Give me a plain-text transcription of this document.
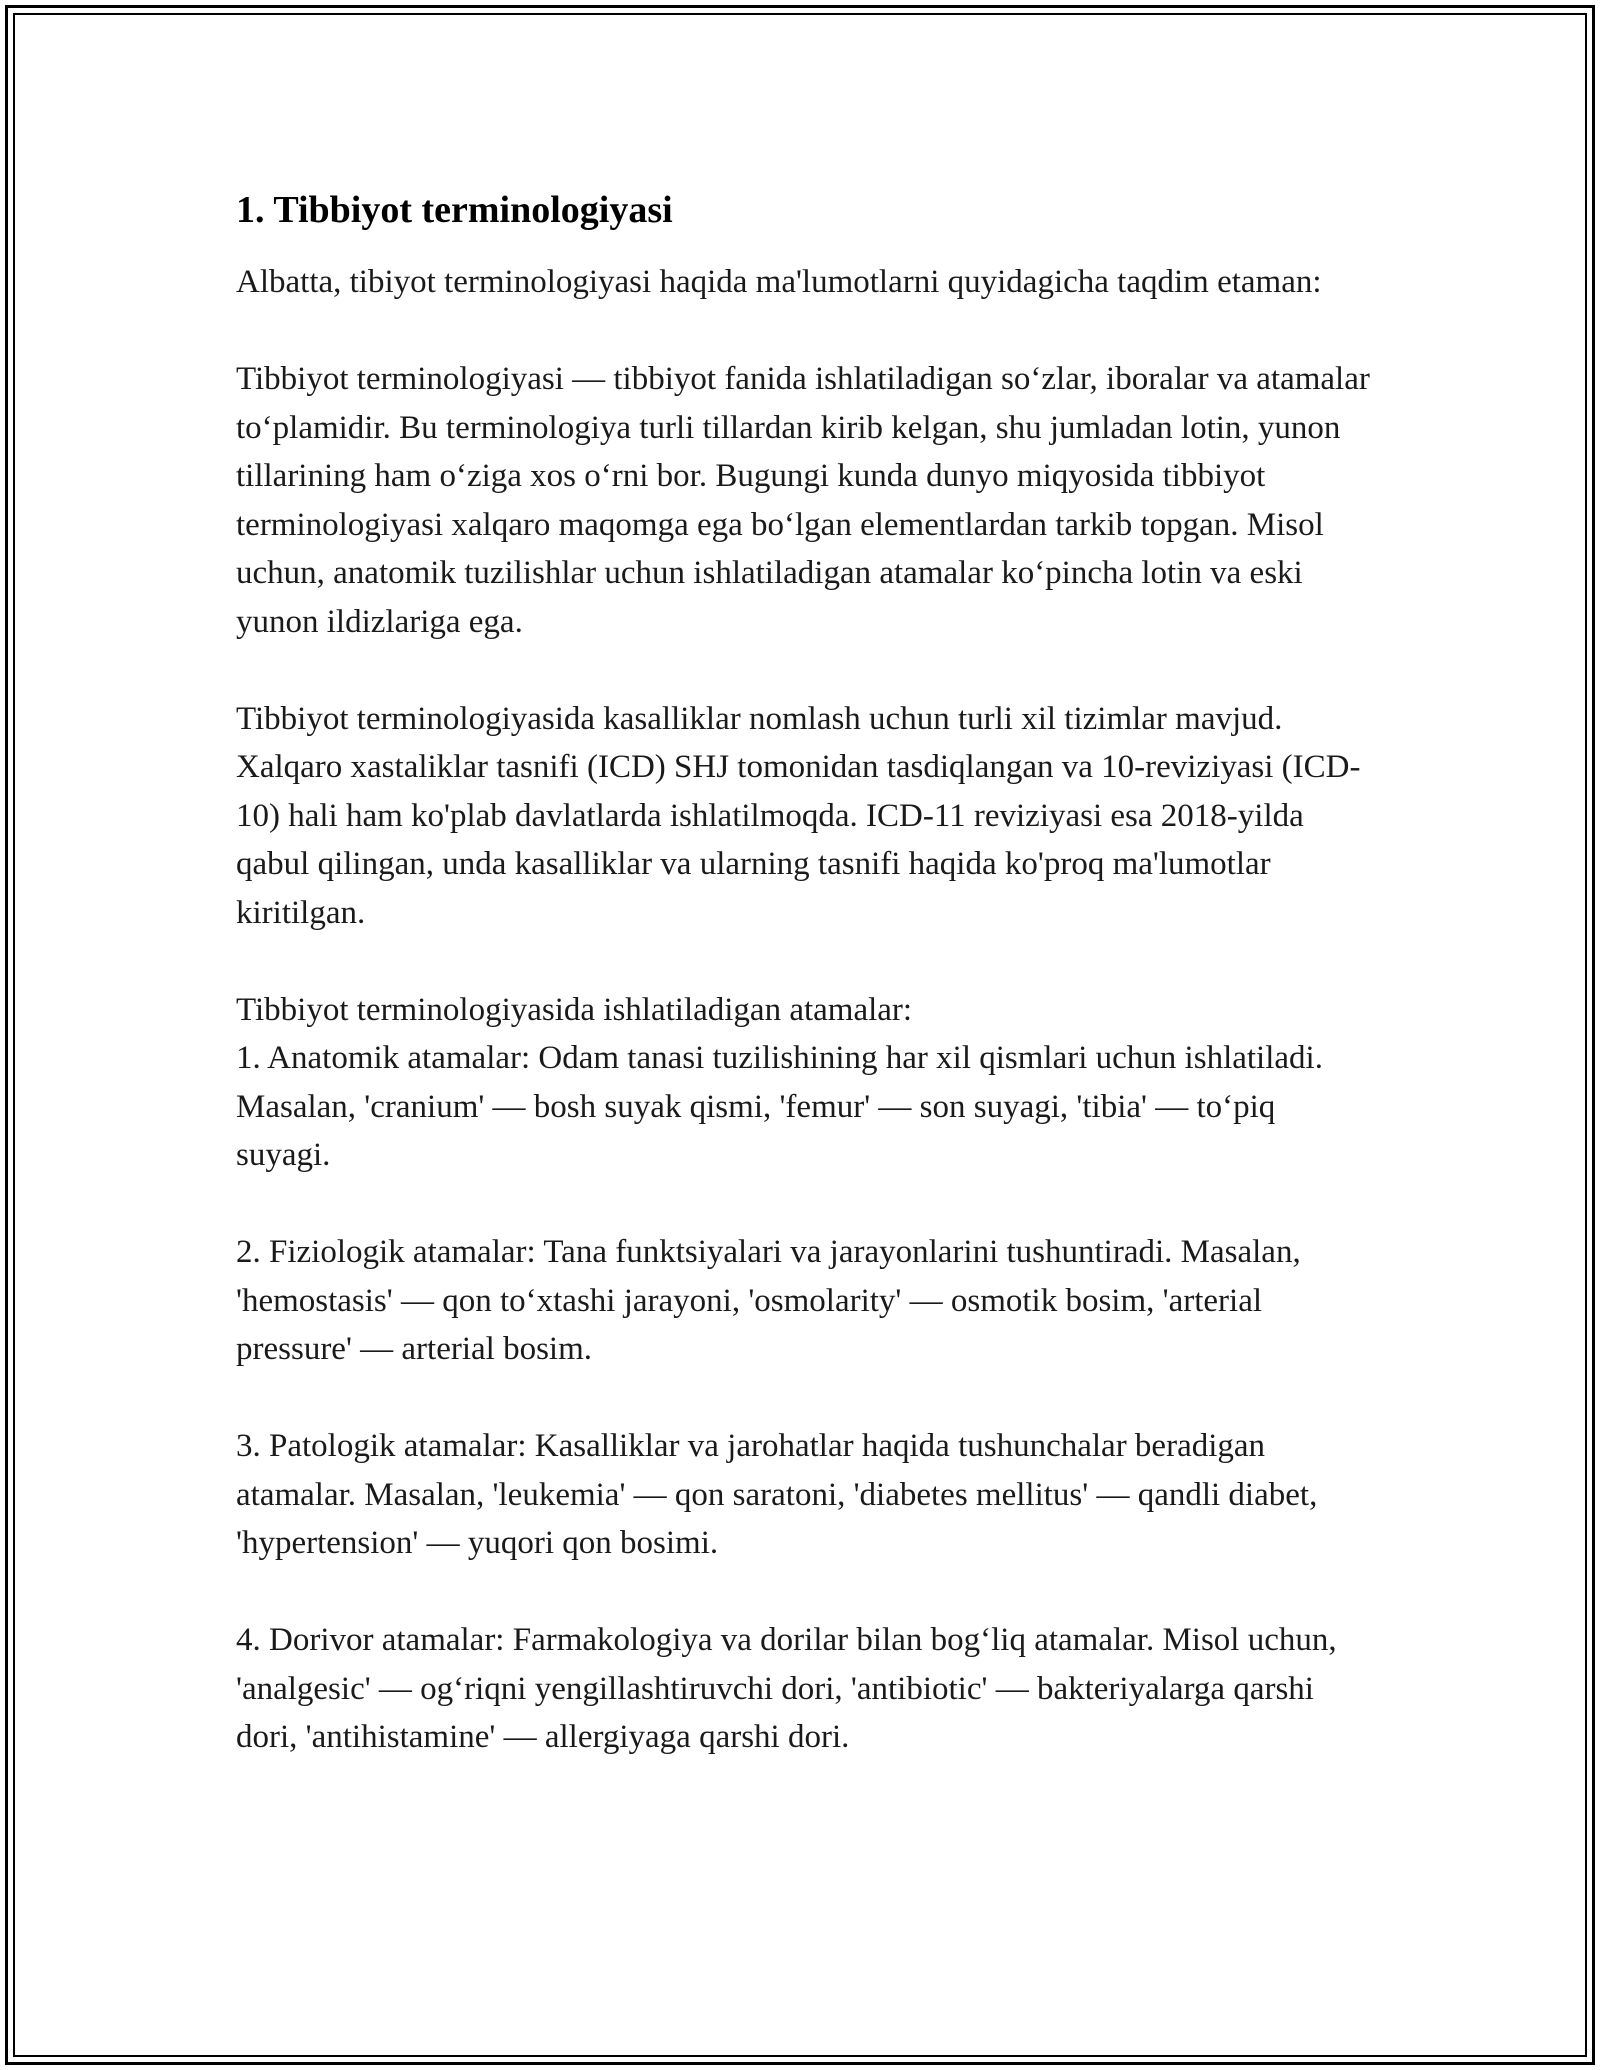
1. Tibbiyot terminologiyasi

Albatta, tibiyot terminologiyasi haqida ma'lumotlarni quyidagicha taqdim etaman:

Tibbiyot terminologiyasi — tibbiyot fanida ishlatiladigan so‘zlar, iboralar va atamalar to‘plamidir. Bu terminologiya turli tillardan kirib kelgan, shu jumladan lotin, yunon tillarining ham o‘ziga xos o‘rni bor. Bugungi kunda dunyo miqyosida tibbiyot terminologiyasi xalqaro maqomga ega bo‘lgan elementlardan tarkib topgan. Misol uchun, anatomik tuzilishlar uchun ishlatiladigan atamalar ko‘pincha lotin va eski yunon ildizlariga ega.

Tibbiyot terminologiyasida kasalliklar nomlash uchun turli xil tizimlar mavjud. Xalqaro xastaliklar tasnifi (ICD) SHJ tomonidan tasdiqlangan va 10-reviziyasi (ICD-10) hali ham ko'plab davlatlarda ishlatilmoqda. ICD-11 reviziyasi esa 2018-yilda qabul qilingan, unda kasalliklar va ularning tasnifi haqida ko'proq ma'lumotlar kiritilgan.

Tibbiyot terminologiyasida ishlatiladigan atamalar:

1. Anatomik atamalar: Odam tanasi tuzilishining har xil qismlari uchun ishlatiladi. Masalan, 'cranium' — bosh suyak qismi, 'femur' — son suyagi, 'tibia' — to‘piq suyagi.

2. Fiziologik atamalar: Tana funktsiyalari va jarayonlarini tushuntiradi. Masalan, 'hemostasis' — qon to‘xtashi jarayoni, 'osmolarity' — osmotik bosim, 'arterial pressure' — arterial bosim.

3. Patologik atamalar: Kasalliklar va jarohatlar haqida tushunchalar beradigan atamalar. Masalan, 'leukemia' — qon saratoni, 'diabetes mellitus' — qandli diabet, 'hypertension' — yuqori qon bosimi.

4. Dorivor atamalar: Farmakologiya va dorilar bilan bog‘liq atamalar. Misol uchun, 'analgesic' — og‘riqni yengillashtiruvchi dori, 'antibiotic' — bakteriyalarga qarshi dori, 'antihistamine' — allergiyaga qarshi dori.
